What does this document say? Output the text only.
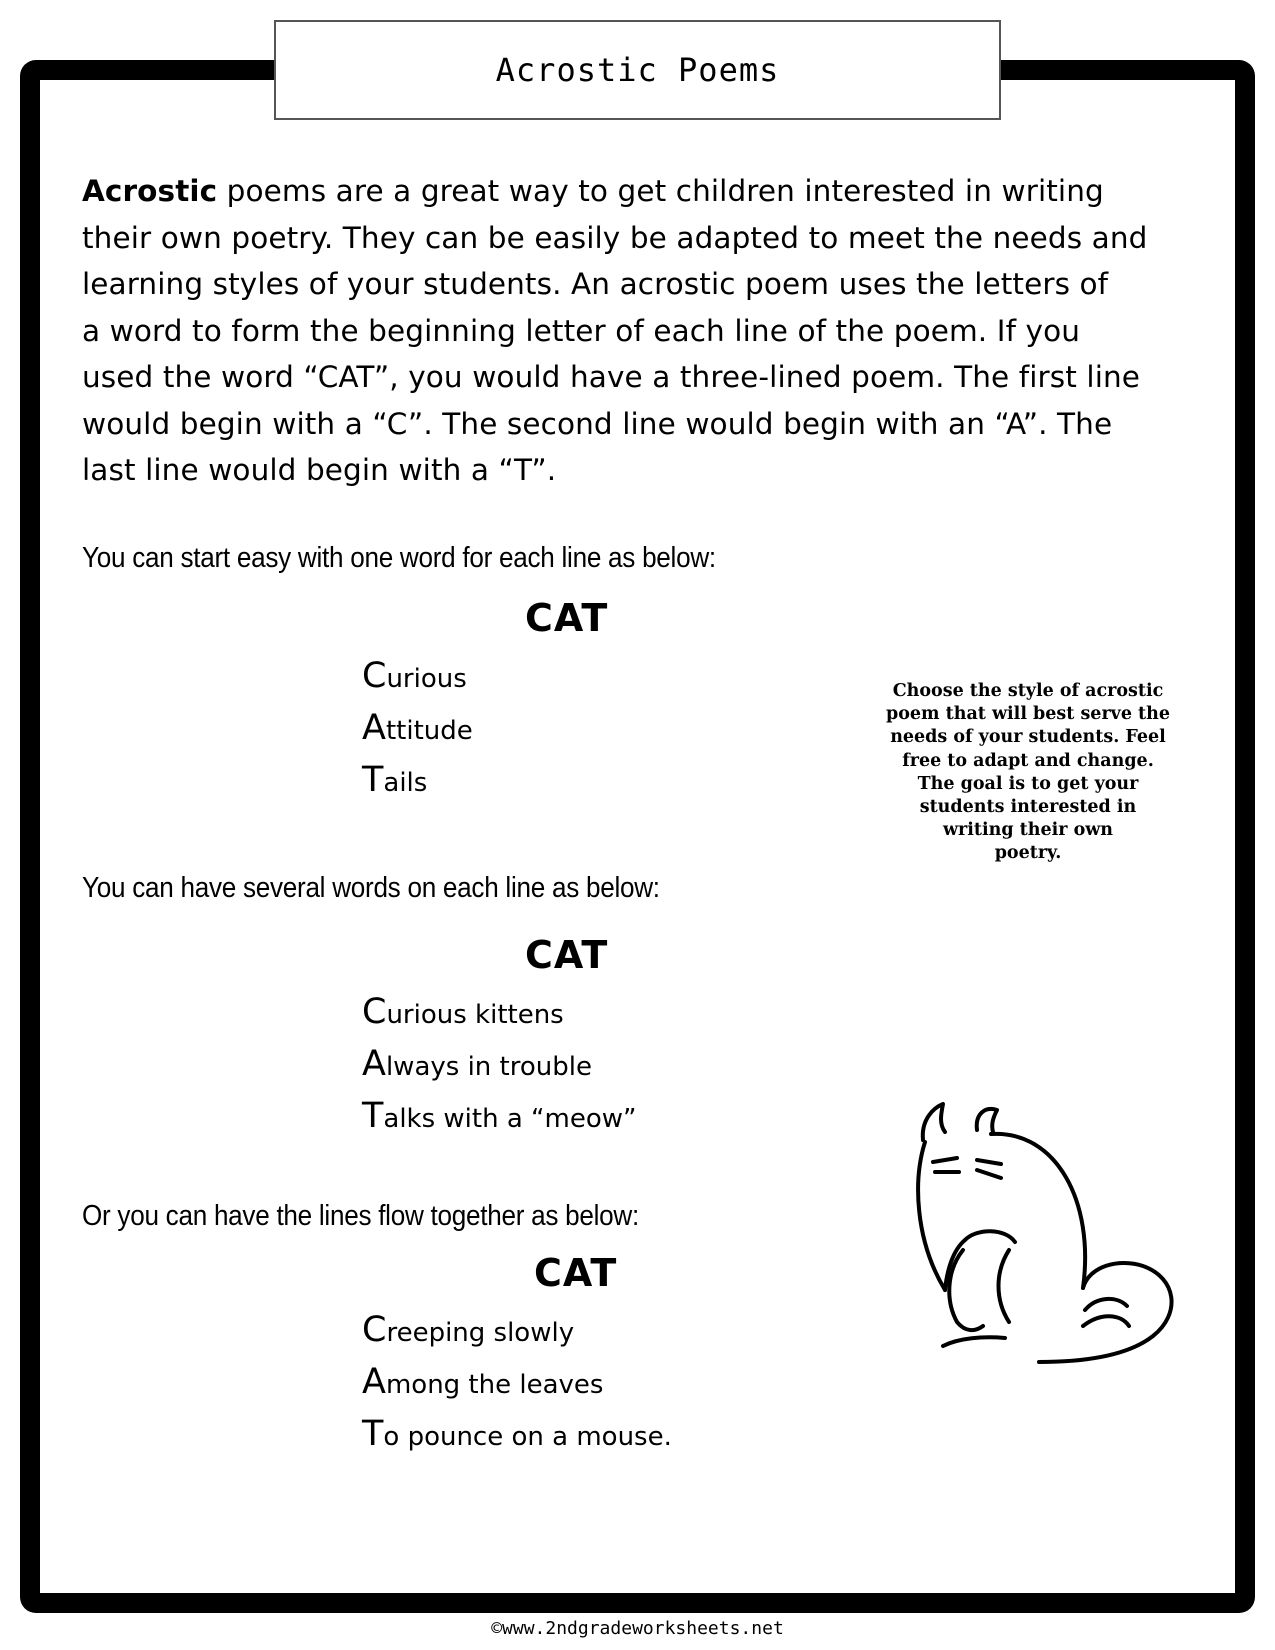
Acrostic Poems
Acrostic poems are a great way to get children interested in writing
their own poetry. They can be easily be adapted to meet the needs and
learning styles of your students. An acrostic poem uses the letters of
a word to form the beginning letter of each line of the poem. If you
used the word “CAT”, you would have a three-lined poem. The first line
would begin with a “C”. The second line would begin with an “A”. The
last line would begin with a “T”.
You can start easy with one word for each line as below:
CAT
Curious
Attitude
Tails
You can have several words on each line as below:
CAT
Curious kittens
Always in trouble
Talks with a “meow”
Or you can have the lines flow together as below:
CAT
Creeping slowly
Among the leaves
To pounce on a mouse.
Choose the style of acrostic
poem that will best serve the
needs of your students. Feel
free to adapt and change.
The goal is to get your
students interested in
writing their own
poetry.
©www.2ndgradeworksheets.net
